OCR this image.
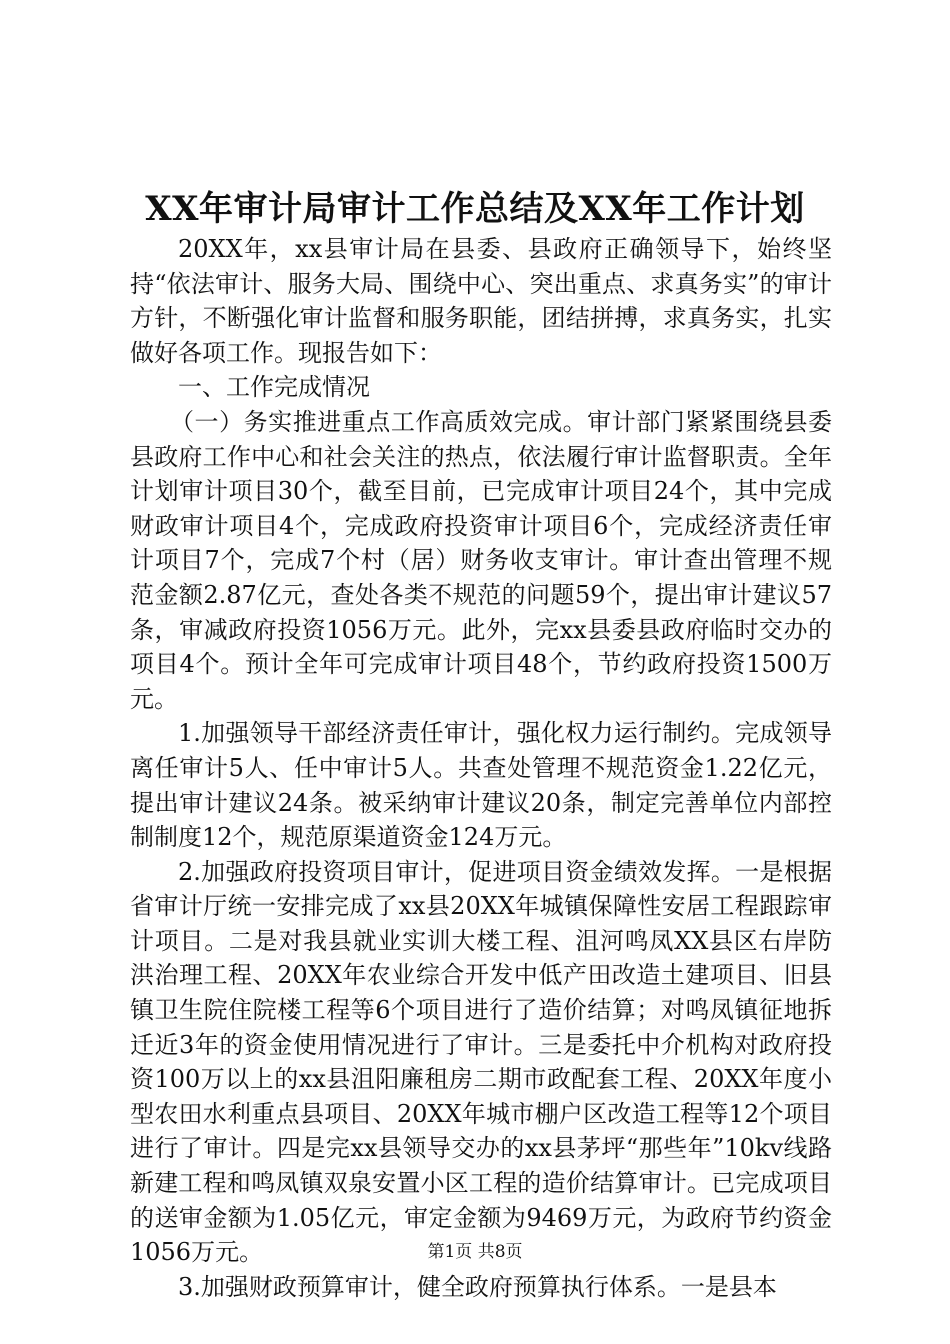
XX年审计局审计工作总结及XX年工作计划

20XX年，xx县审计局在县委、县政府正确领导下，始终坚持“依法审计、服务大局、围绕中心、突出重点、求真务实”的审计方针，不断强化审计监督和服务职能，团结拼搏，求真务实，扎实做好各项工作。现报告如下：

一、工作完成情况

（一）务实推进重点工作高质效完成。审计部门紧紧围绕县委县政府工作中心和社会关注的热点，依法履行审计监督职责。全年计划审计项目30个，截至目前，已完成审计项目24个，其中完成财政审计项目4个，完成政府投资审计项目6个，完成经济责任审计项目7个，完成7个村（居）财务收支审计。审计查出管理不规范金额2.87亿元，查处各类不规范的问题59个，提出审计建议57条，审减政府投资1056万元。此外，完xx县委县政府临时交办的项目4个。预计全年可完成审计项目48个，节约政府投资1500万元。

1.加强领导干部经济责任审计，强化权力运行制约。完成领导离任审计5人、任中审计5人。共查处管理不规范资金1.22亿元，提出审计建议24条。被采纳审计建议20条，制定完善单位内部控制制度12个，规范原渠道资金124万元。

2.加强政府投资项目审计，促进项目资金绩效发挥。一是根据省审计厅统一安排完成了xx县20XX年城镇保障性安居工程跟踪审计项目。二是对我县就业实训大楼工程、沮河鸣凤XX县区右岸防洪治理工程、20XX年农业综合开发中低产田改造土建项目、旧县镇卫生院住院楼工程等6个项目进行了造价结算；对鸣凤镇征地拆迁近3年的资金使用情况进行了审计。三是委托中介机构对政府投资100万以上的xx县沮阳廉租房二期市政配套工程、20XX年度小型农田水利重点县项目、20XX年城市棚户区改造工程等12个项目进行了审计。四是完xx县领导交办的xx县茅坪“那些年”10kv线路新建工程和鸣凤镇双泉安置小区工程的造价结算审计。已完成项目的送审金额为1.05亿元，审定金额为9469万元，为政府节约资金1056万元。

3.加强财政预算审计，健全政府预算执行体系。一是县本

第1页 共8页
